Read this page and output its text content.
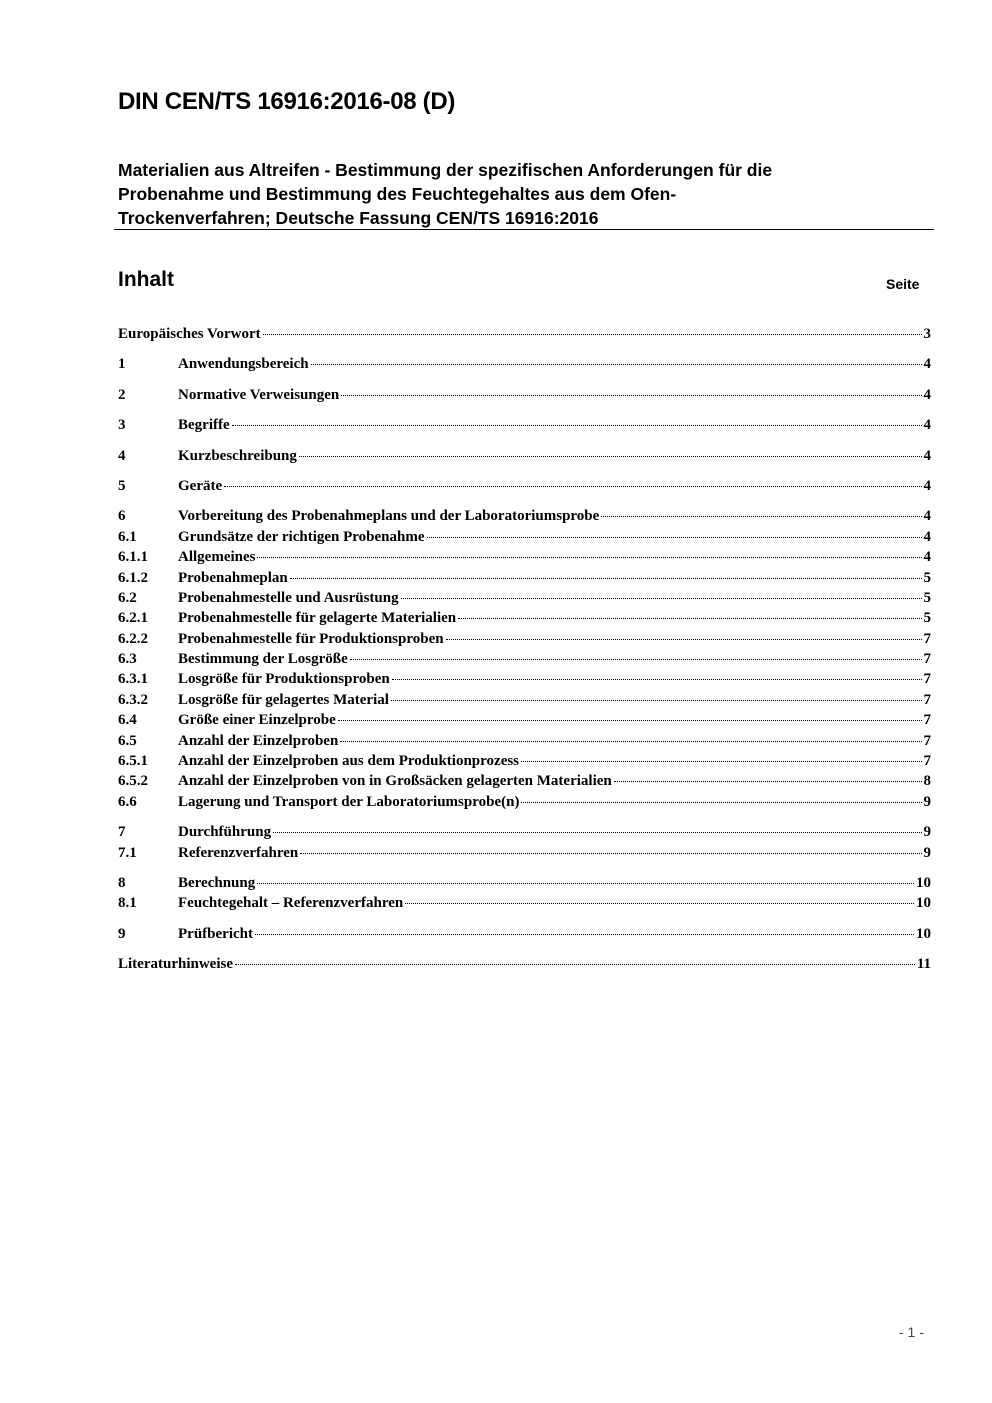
DIN CEN/TS 16916:2016-08 (D)
Materialien aus Altreifen - Bestimmung der spezifischen Anforderungen für die
Probenahme und Bestimmung des Feuchtegehaltes aus dem Ofen-
Trockenverfahren; Deutsche Fassung CEN/TS 16916:2016
Inhalt	Seite
Europäisches Vorwort	3
1	Anwendungsbereich	4
2	Normative Verweisungen	4
3	Begriffe	4
4	Kurzbeschreibung	4
5	Geräte	4
6	Vorbereitung des Probenahmeplans und der Laboratoriumsprobe	4
6.1	Grundsätze der richtigen Probenahme	4
6.1.1	Allgemeines	4
6.1.2	Probenahmeplan	5
6.2	Probenahmestelle und Ausrüstung	5
6.2.1	Probenahmestelle für gelagerte Materialien	5
6.2.2	Probenahmestelle für Produktionsproben	7
6.3	Bestimmung der Losgröße	7
6.3.1	Losgröße für Produktionsproben	7
6.3.2	Losgröße für gelagertes Material	7
6.4	Größe einer Einzelprobe	7
6.5	Anzahl der Einzelproben	7
6.5.1	Anzahl der Einzelproben aus dem Produktionprozess	7
6.5.2	Anzahl der Einzelproben von in Großsäcken gelagerten Materialien	8
6.6	Lagerung und Transport der Laboratoriumsprobe(n)	9
7	Durchführung	9
7.1	Referenzverfahren	9
8	Berechnung	10
8.1	Feuchtegehalt – Referenzverfahren	10
9	Prüfbericht	10
Literaturhinweise	11
- 1 -
